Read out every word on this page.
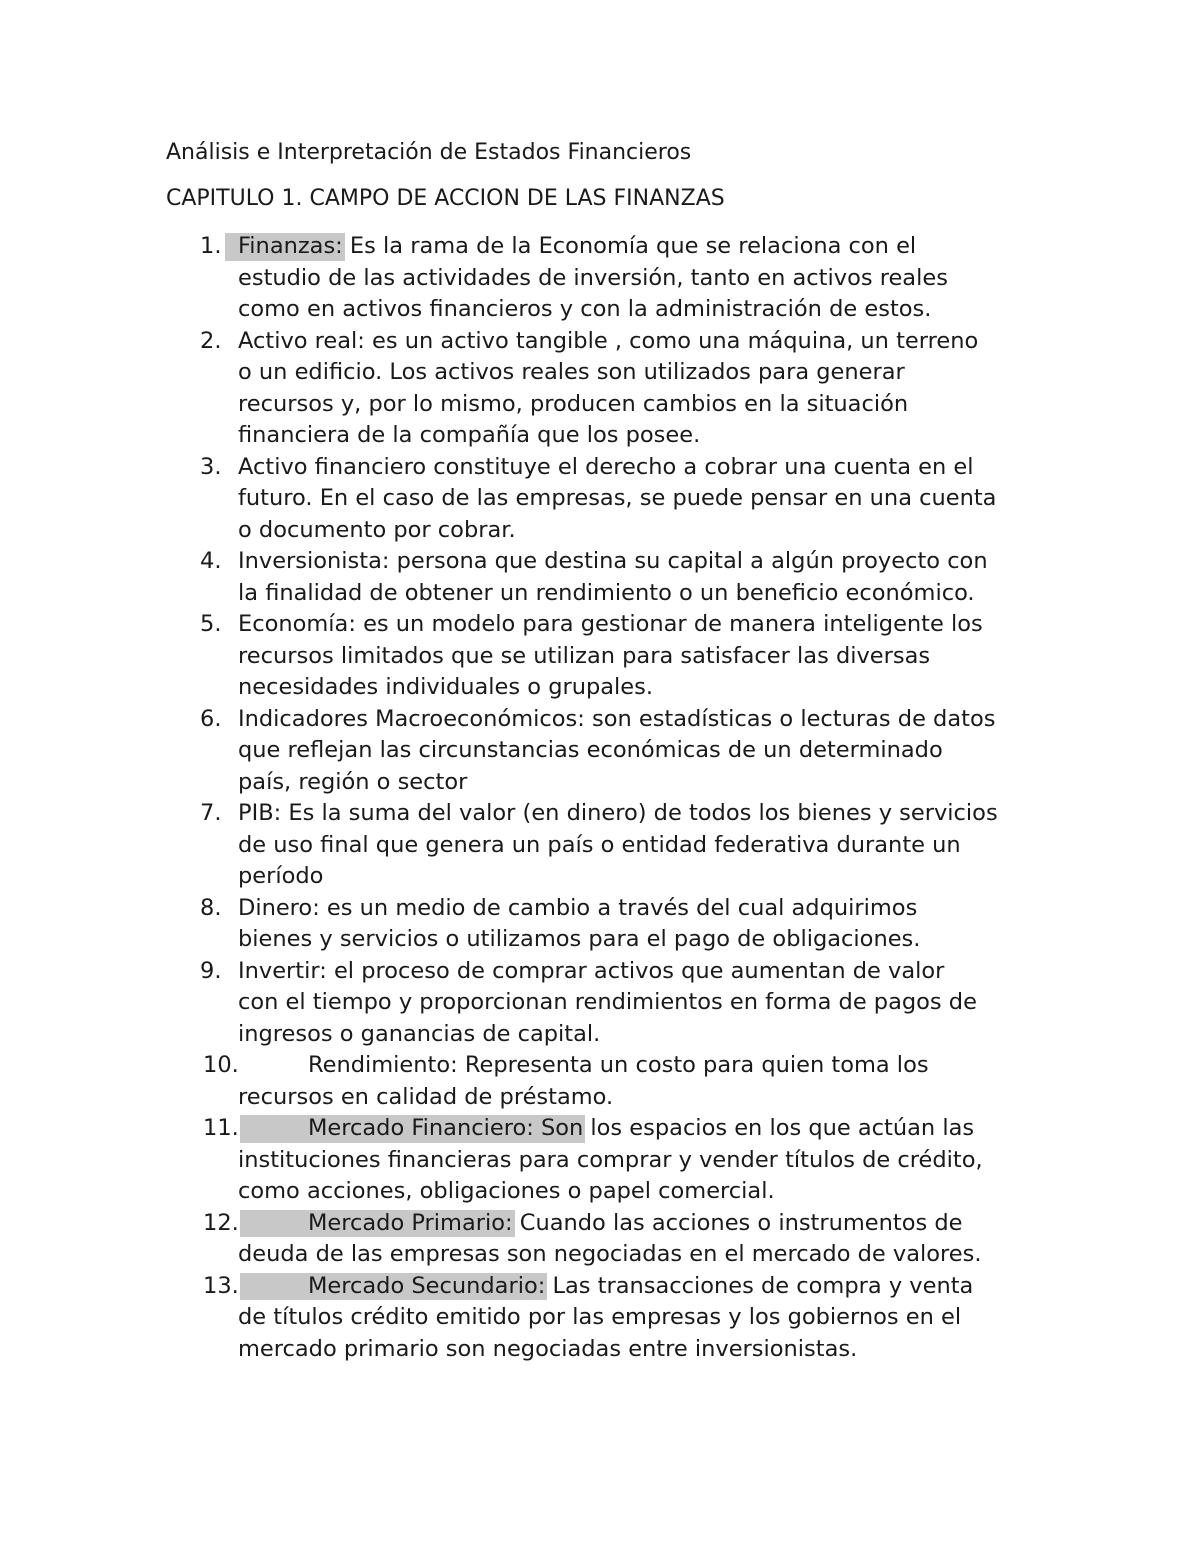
Análisis e Interpretación de Estados Financieros
CAPITULO 1. CAMPO DE ACCION DE LAS FINANZAS
1. Finanzas: Es la rama de la Economía que se relaciona con el
estudio de las actividades de inversión, tanto en activos reales
como en activos financieros y con la administración de estos.
2. Activo real: es un activo tangible , como una máquina, un terreno
o un edificio. Los activos reales son utilizados para generar
recursos y, por lo mismo, producen cambios en la situación
financiera de la compañía que los posee.
3. Activo financiero constituye el derecho a cobrar una cuenta en el
futuro. En el caso de las empresas, se puede pensar en una cuenta
o documento por cobrar.
4. Inversionista: persona que destina su capital a algún proyecto con
la finalidad de obtener un rendimiento o un beneficio económico.
5. Economía: es un modelo para gestionar de manera inteligente los
recursos limitados que se utilizan para satisfacer las diversas
necesidades individuales o grupales.
6. Indicadores Macroeconómicos: son estadísticas o lecturas de datos
que reflejan las circunstancias económicas de un determinado
país, región o sector
7. PIB: Es la suma del valor (en dinero) de todos los bienes y servicios
de uso final que genera un país o entidad federativa durante un
período
8. Dinero: es un medio de cambio a través del cual adquirimos
bienes y servicios o utilizamos para el pago de obligaciones.
9. Invertir: el proceso de comprar activos que aumentan de valor
con el tiempo y proporcionan rendimientos en forma de pagos de
ingresos o ganancias de capital.
10.	Rendimiento: Representa un costo para quien toma los
recursos en calidad de préstamo.
11.	Mercado Financiero: Son los espacios en los que actúan las
instituciones financieras para comprar y vender títulos de crédito,
como acciones, obligaciones o papel comercial.
12.	Mercado Primario: Cuando las acciones o instrumentos de
deuda de las empresas son negociadas en el mercado de valores.
13.	Mercado Secundario: Las transacciones de compra y venta
de títulos crédito emitido por las empresas y los gobiernos en el
mercado primario son negociadas entre inversionistas.
